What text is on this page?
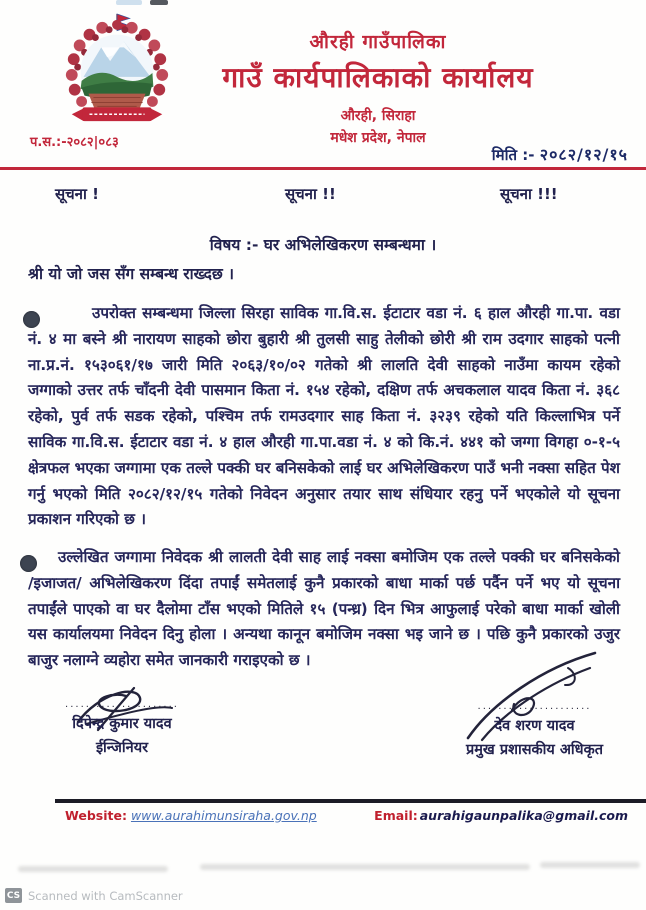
औरही गाउँपालिका
गाउँ कार्यपालिकाको कार्यालय
औरही, सिराहा
मधेश प्रदेश, नेपाल
प.स.:-२०८२|०८३
मिति :- २०८२/१२/१५
सूचना !	सूचना !!	सूचना !!!
विषय :- घर अभिलेखिकरण सम्बन्धमा ।
श्री यो जो जस सँग सम्बन्ध राख्दछ ।
उपरोक्त सम्बन्धमा जिल्ला सिरहा साविक गा.वि.स. ईटाटार वडा नं. ६ हाल औरही गा.पा. वडा नं. ४ मा बस्ने श्री नारायण साहको छोरा बुहारी श्री तुलसी साहु तेलीको छोरी श्री राम उदगार साहको पत्नी ना.प्र.नं. १५३०६१/१७ जारी मिति २०६३/१०/०२ गतेको श्री लालति देवी साहको नाउँमा कायम रहेको जग्गाको उत्तर तर्फ चाँदनी देवी पासमान किता नं. १५४ रहेको, दक्षिण तर्फ अचकलाल यादव किता नं. ३६८ रहेको, पुर्व तर्फ सडक रहेको, पश्चिम तर्फ रामउदगार साह किता नं. ३२३९ रहेको यति किल्लाभित्र पर्ने साविक गा.वि.स. ईटाटार वडा नं. ४ हाल औरही गा.पा.वडा नं. ४ को कि.नं. ४४१ को जग्गा विगहा ०-१-५ क्षेत्रफल भएका जग्गामा एक तल्ले पक्की घर बनिसकेको लाई घर अभिलेखिकरण पाउँ भनी नक्सा सहित पेश गर्नु भएको मिति २०८२/१२/१५ गतेको निवेदन अनुसार तयार साथ संधियार रहनु पर्ने भएकोले यो सूचना प्रकाशन गरिएको छ ।
उल्लेखित जग्गामा निवेदक श्री लालती देवी साह लाई नक्सा बमोजिम एक तल्ले पक्की घर बनिसकेको /इजाजत/ अभिलेखिकरण दिंदा तपाईं समेतलाई कुनै प्रकारको बाधा मार्का पर्छ पर्दैन पर्ने भए यो सूचना तपाईंले पाएको वा घर दैलोमा टाँस भएको मितिले १५ (पन्ध्र) दिन भित्र आफुलाई परेको बाधा मार्का खोली यस कार्यालयमा निवेदन दिनु होला । अन्यथा कानून बमोजिम नक्सा भइ जाने छ । पछि कुनै प्रकारको उजुर बाजुर नलाग्ने व्यहोरा समेत जानकारी गराइएको छ ।
......................
दिपेन्द्र कुमार यादव
ईन्जिनियर
......................
देव शरण यादव
प्रमुख प्रशासकीय अधिकृत
Website: www.aurahimunsiraha.gov.np	Email: aurahigaunpalika@gmail.com
CS Scanned with CamScanner
